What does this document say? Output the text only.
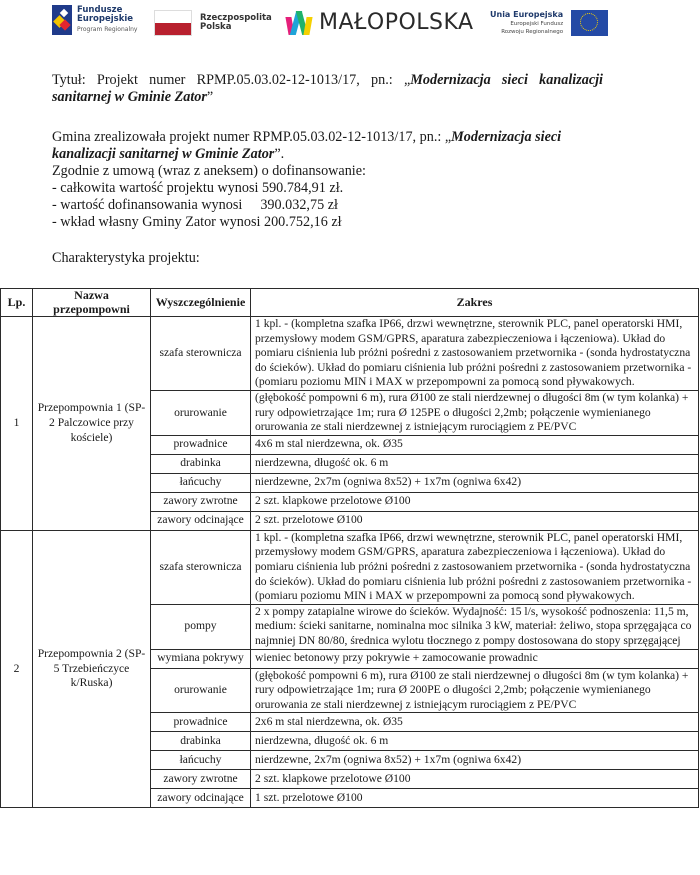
Fundusze
Europejskie
Program Regionalny
Rzeczpospolita
Polska	MAŁOPOLSKA Unia Europejska
Europejski Fundusz
Rozwoju Regionalnego
Tytuł: Projekt numer RPMP.05.03.02-12-1013/17, pn.: „Modernizacja sieci kanalizacji
sanitarnej w Gminie Zator”
Gmina zrealizowała projekt numer RPMP.05.03.02-12-1013/17, pn.: „Modernizacja sieci
kanalizacji sanitarnej w Gminie Zator”.
Zgodnie z umową (wraz z aneksem) o dofinansowanie:
- całkowita wartość projektu wynosi 590.784,91 zł.
- wartość dofinansowania wynosi 390.032,75 zł
- wkład własny Gminy Zator wynosi 200.752,16 zł
Charakterystyka projektu:
Lp.	Nazwa przepompowni	Wyszczególnienie	Zakres
1	Przepompownia 1 (SP-2 Palczowice przy kościele)	szafa sterownicza	1 kpl. - (kompletna szafka IP66, drzwi wewnętrzne, sterownik PLC, panel operatorski HMI, przemysłowy modem GSM/GPRS, aparatura zabezpieczeniowa i łączeniowa). Układ do pomiaru ciśnienia lub próżni pośredni z zastosowaniem przetwornika - (sonda hydrostatyczna do ścieków). Układ do pomiaru ciśnienia lub próżni pośredni z zastosowaniem przetwornika - (pomiaru poziomu MIN i MAX w przepompowni za pomocą sond pływakowych.
		orurowanie	(głębokość pompowni 6 m), rura Ø100 ze stali nierdzewnej o długości 8m (w tym kolanka) + rury odpowietrzające 1m; rura Ø 125PE o długości 2,2mb; połączenie wymienianego orurowania ze stali nierdzewnej z istniejącym rurociągiem z PE/PVC
		prowadnice	4x6 m stal nierdzewna, ok. Ø35
		drabinka	nierdzewna, długość ok. 6 m
		łańcuchy	nierdzewne, 2x7m (ogniwa 8x52) + 1x7m (ogniwa 6x42)
		zawory zwrotne	2 szt. klapkowe przelotowe Ø100
		zawory odcinające	2 szt. przelotowe Ø100
2	Przepompownia 2 (SP-5 Trzebieńczyce k/Ruska)	szafa sterownicza	1 kpl. - (kompletna szafka IP66, drzwi wewnętrzne, sterownik PLC, panel operatorski HMI, przemysłowy modem GSM/GPRS, aparatura zabezpieczeniowa i łączeniowa). Układ do pomiaru ciśnienia lub próżni pośredni z zastosowaniem przetwornika - (sonda hydrostatyczna do ścieków). Układ do pomiaru ciśnienia lub próżni pośredni z zastosowaniem przetwornika - (pomiaru poziomu MIN i MAX w przepompowni za pomocą sond pływakowych.
		pompy	2 x pompy zatapialne wirowe do ścieków. Wydajność: 15 l/s, wysokość podnoszenia: 11,5 m, medium: ścieki sanitarne, nominalna moc silnika 3 kW, materiał: żeliwo, stopa sprzęgająca co najmniej DN 80/80, średnica wylotu tłocznego z pompy dostosowana do stopy sprzęgającej
		wymiana pokrywy	wieniec betonowy przy pokrywie + zamocowanie prowadnic
		orurowanie	(głębokość pompowni 6 m), rura Ø100 ze stali nierdzewnej o długości 8m (w tym kolanka) + rury odpowietrzające 1m; rura Ø 200PE o długości 2,2mb; połączenie wymienianego orurowania ze stali nierdzewnej z istniejącym rurociągiem z PE/PVC
		prowadnice	2x6 m stal nierdzewna, ok. Ø35
		drabinka	nierdzewna, długość ok. 6 m
		łańcuchy	nierdzewne, 2x7m (ogniwa 8x52) + 1x7m (ogniwa 6x42)
		zawory zwrotne	2 szt. klapkowe przelotowe Ø100
		zawory odcinające	1 szt. przelotowe Ø100
